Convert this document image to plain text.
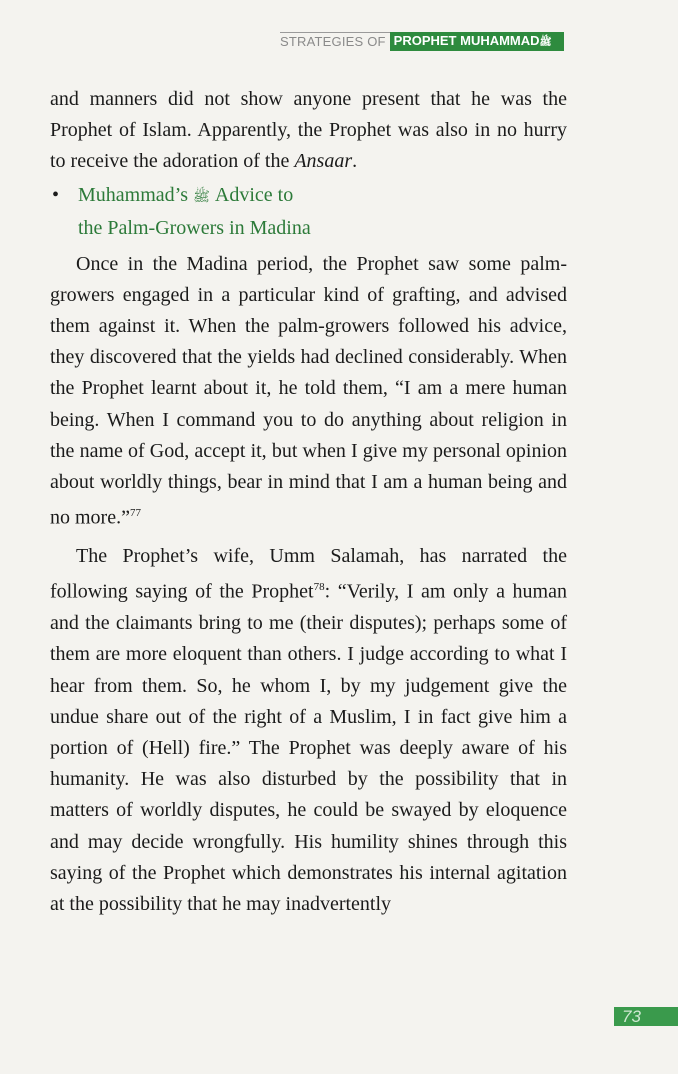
STRATEGIES OF PROPHET MUHAMMADﷺ

and manners did not show anyone present that he was the Prophet of Islam. Apparently, the Prophet was also in no hurry to receive the adoration of the Ansaar.

• Muhammad’s ﷺ Advice to
the Palm-Growers in Madina

Once in the Madina period, the Prophet saw some palm-growers engaged in a particular kind of grafting, and advised them against it. When the palm-growers followed his advice, they discovered that the yields had declined considerably. When the Prophet learnt about it, he told them, “I am a mere human being. When I command you to do anything about religion in the name of God, accept it, but when I give my personal opinion about worldly things, bear in mind that I am a human being and no more.”$^{77}$

The Prophet’s wife, Umm Salamah, has narrated the following saying of the Prophet$^{78}$: “Verily, I am only a human and the claimants bring to me (their disputes); perhaps some of them are more eloquent than others. I judge according to what I hear from them. So, he whom I, by my judgement give the undue share out of the right of a Muslim, I in fact give him a portion of (Hell) fire.” The Prophet was deeply aware of his humanity. He was also disturbed by the possibility that in matters of worldly disputes, he could be swayed by eloquence and may decide wrongfully. His humility shines through this saying of the Prophet which demonstrates his internal agitation at the possibility that he may inadvertently

73
